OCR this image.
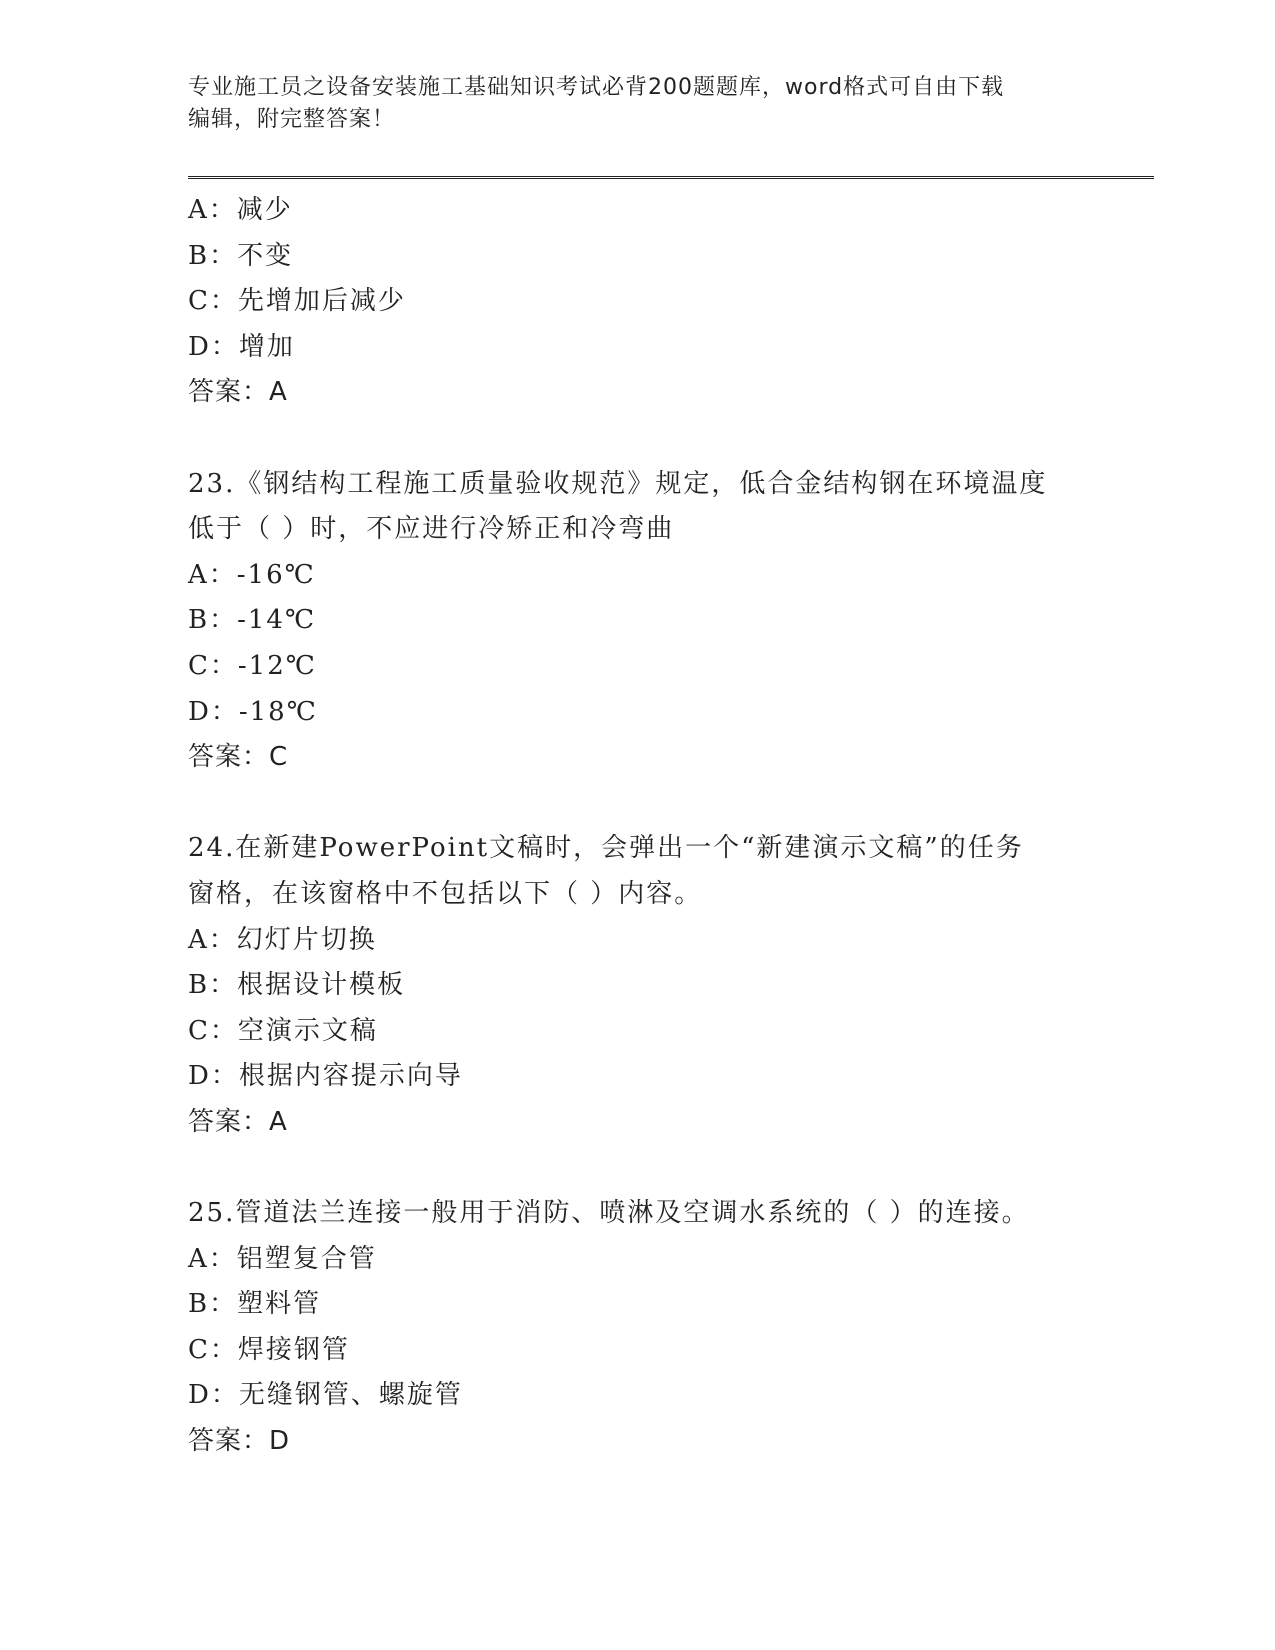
专业施工员之设备安装施工基础知识考试必背200题题库，word格式可自由下载
编辑，附完整答案！
A：减少
B：不变
C：先增加后减少
D：增加
答案：A
23.《钢结构工程施工质量验收规范》规定，低合金结构钢在环境温度
低于（ ）时，不应进行冷矫正和冷弯曲
A：-16℃
B：-14℃
C：-12℃
D：-18℃
答案：C
24.在新建PowerPoint文稿时，会弹出一个“新建演示文稿”的任务
窗格，在该窗格中不包括以下（ ）内容。
A：幻灯片切换
B：根据设计模板
C：空演示文稿
D：根据内容提示向导
答案：A
25.管道法兰连接一般用于消防、喷淋及空调水系统的（ ）的连接。
A：铝塑复合管
B：塑料管
C：焊接钢管
D：无缝钢管、螺旋管
答案：D
